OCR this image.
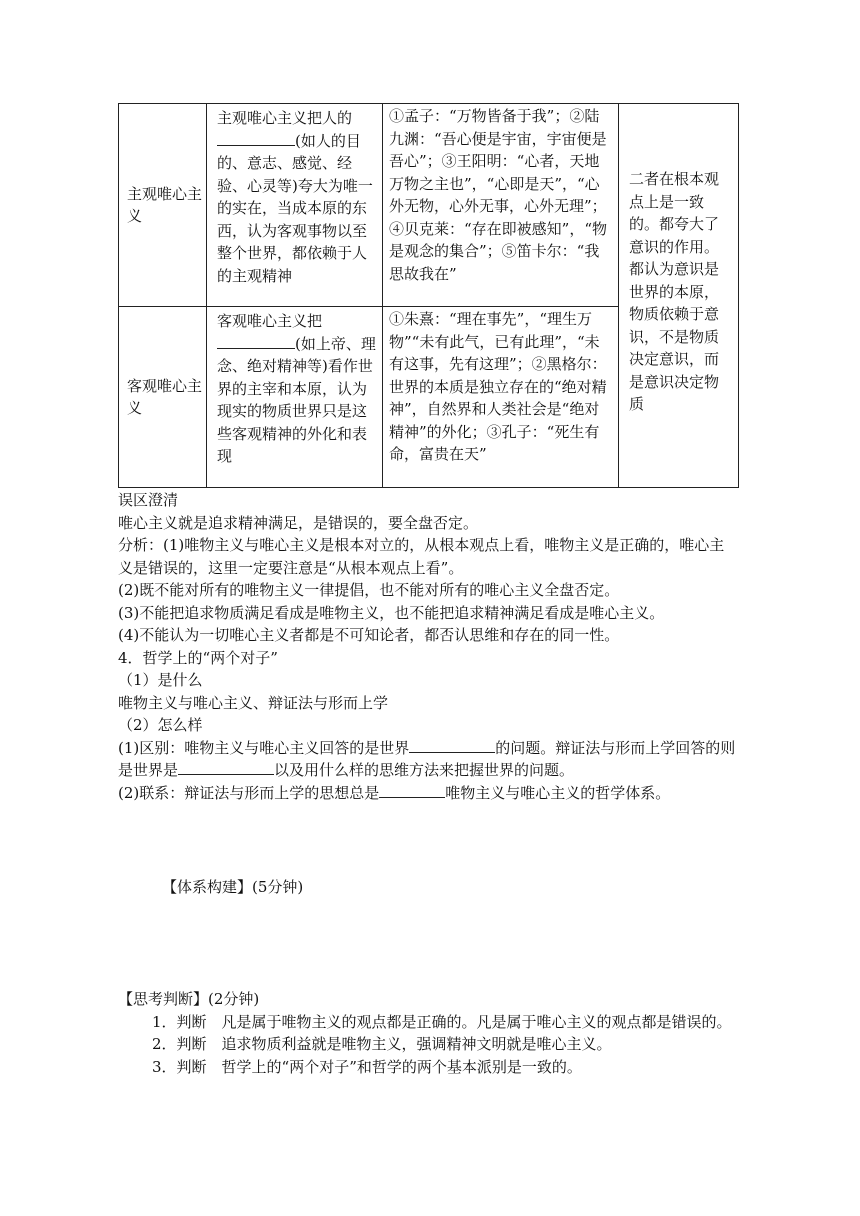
主观唯心主义	主观唯心主义把人的(如人的目的、意志、感觉、经验、心灵等)夸大为唯一的实在，当成本原的东西，认为客观事物以至整个世界，都依赖于人的主观精神	①孟子：“万物皆备于我”；②陆九渊：“吾心便是宇宙，宇宙便是吾心”；③王阳明：“心者，天地万物之主也”，“心即是天”，“心外无物，心外无事，心外无理”；④贝克莱：“存在即被感知”，“物是观念的集合”；⑤笛卡尔：“我思故我在”	二者在根本观点上是一致的。都夸大了意识的作用。都认为意识是世界的本原，物质依赖于意识，不是物质决定意识，而是意识决定物质

客观唯心主义	客观唯心主义把(如上帝、理念、绝对精神等)看作世界的主宰和本原，认为现实的物质世界只是这些客观精神的外化和表现	①朱熹：“理在事先”，“理生万物”“未有此气，已有此理”，“未有这事，先有这理”；②黑格尔：世界的本质是独立存在的“绝对精神”，自然界和人类社会是“绝对精神”的外化；③孔子：“死生有命，富贵在天”	
误区澄清
唯心主义就是追求精神满足，是错误的，要全盘否定。
分析：(1)唯物主义与唯心主义是根本对立的，从根本观点上看，唯物主义是正确的，唯心主义是错误的，这里一定要注意是“从根本观点上看”。
(2)既不能对所有的唯物主义一律提倡，也不能对所有的唯心主义全盘否定。
(3)不能把追求物质满足看成是唯物主义，也不能把追求精神满足看成是唯心主义。
(4)不能认为一切唯心主义者都是不可知论者，都否认思维和存在的同一性。
4．哲学上的“两个对子”
（1）是什么
唯物主义与唯心主义、辩证法与形而上学
（2）怎么样
(1)区别：唯物主义与唯心主义回答的是世界	的问题。辩证法与形而上学回答的则是世界是	以及用什么样的思维方法来把握世界的问题。
(2)联系：辩证法与形而上学的思想总是	唯物主义与唯心主义的哲学体系。
【体系构建】(5分钟)
【思考判断】(2分钟)
1．判断　凡是属于唯物主义的观点都是正确的。凡是属于唯心主义的观点都是错误的。
2．判断　追求物质利益就是唯物主义，强调精神文明就是唯心主义。
3．判断　哲学上的“两个对子”和哲学的两个基本派别是一致的。
